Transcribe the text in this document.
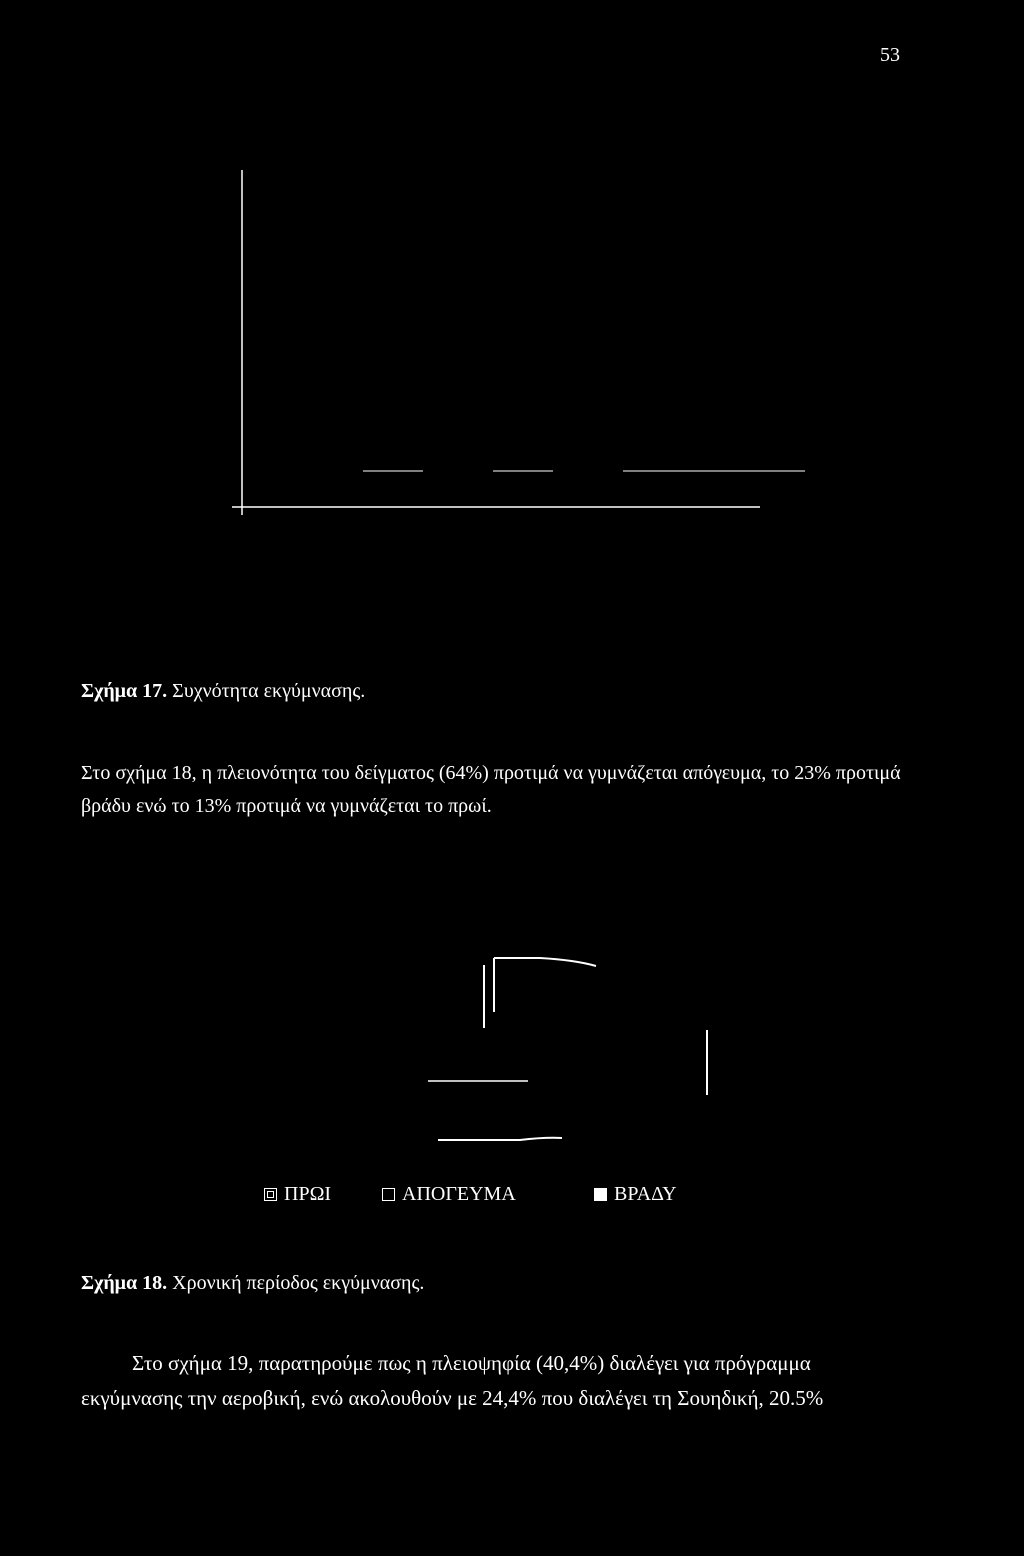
53
Σχήμα 17. Συχνότητα εκγύμνασης.
Στο σχήμα 18, η πλειονότητα του δείγματος (64%) προτιμά να γυμνάζεται απόγευμα, το 23% προτιμά βράδυ ενώ το 13% προτιμά να γυμνάζεται το πρωί.
ΠΡΩΙ	ΑΠΟΓΕΥΜΑ	ΒΡΑΔΥ
Σχήμα 18. Χρονική περίοδος εκγύμνασης.
Στο σχήμα 19, παρατηρούμε πως η πλειοψηφία (40,4%) διαλέγει για πρόγραμμα εκγύμνασης την αεροβική, ενώ ακολουθούν με 24,4% που διαλέγει τη Σουηδική, 20.5%
